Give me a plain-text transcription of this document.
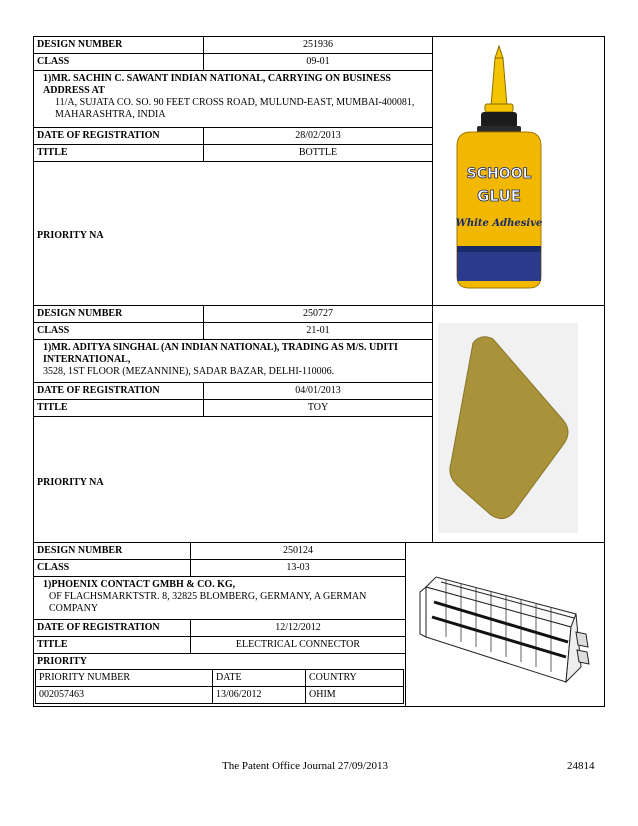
DESIGN NUMBER	251936
CLASS	09-01
1)MR. SACHIN C. SAWANT INDIAN NATIONAL, CARRYING ON BUSINESS ADDRESS AT
11/A, SUJATA CO. SO. 90 FEET CROSS ROAD, MULUND-EAST, MUMBAI-400081, MAHARASHTRA, INDIA
DATE OF REGISTRATION	28/02/2013
TITLE	BOTTLE
PRIORITY NA
SCHOOL
GLUE
White Adhesive
DESIGN NUMBER	250727
CLASS	21-01
1)MR. ADITYA SINGHAL (AN INDIAN NATIONAL), TRADING AS M/S. UDITI INTERNATIONAL,
3528, 1ST FLOOR (MEZANNINE), SADAR BAZAR, DELHI-110006.
DATE OF REGISTRATION	04/01/2013
TITLE	TOY
PRIORITY NA
DESIGN NUMBER	250124
CLASS	13-03
1)PHOENIX CONTACT GMBH & CO. KG,
OF FLACHSMARKTSTR. 8, 32825 BLOMBERG, GERMANY, A GERMAN COMPANY
DATE OF REGISTRATION	12/12/2012
TITLE	ELECTRICAL CONNECTOR
PRIORITY
PRIORITY NUMBER	DATE	COUNTRY
002057463	13/06/2012	OHIM
The Patent Office Journal 27/09/2013	24814
